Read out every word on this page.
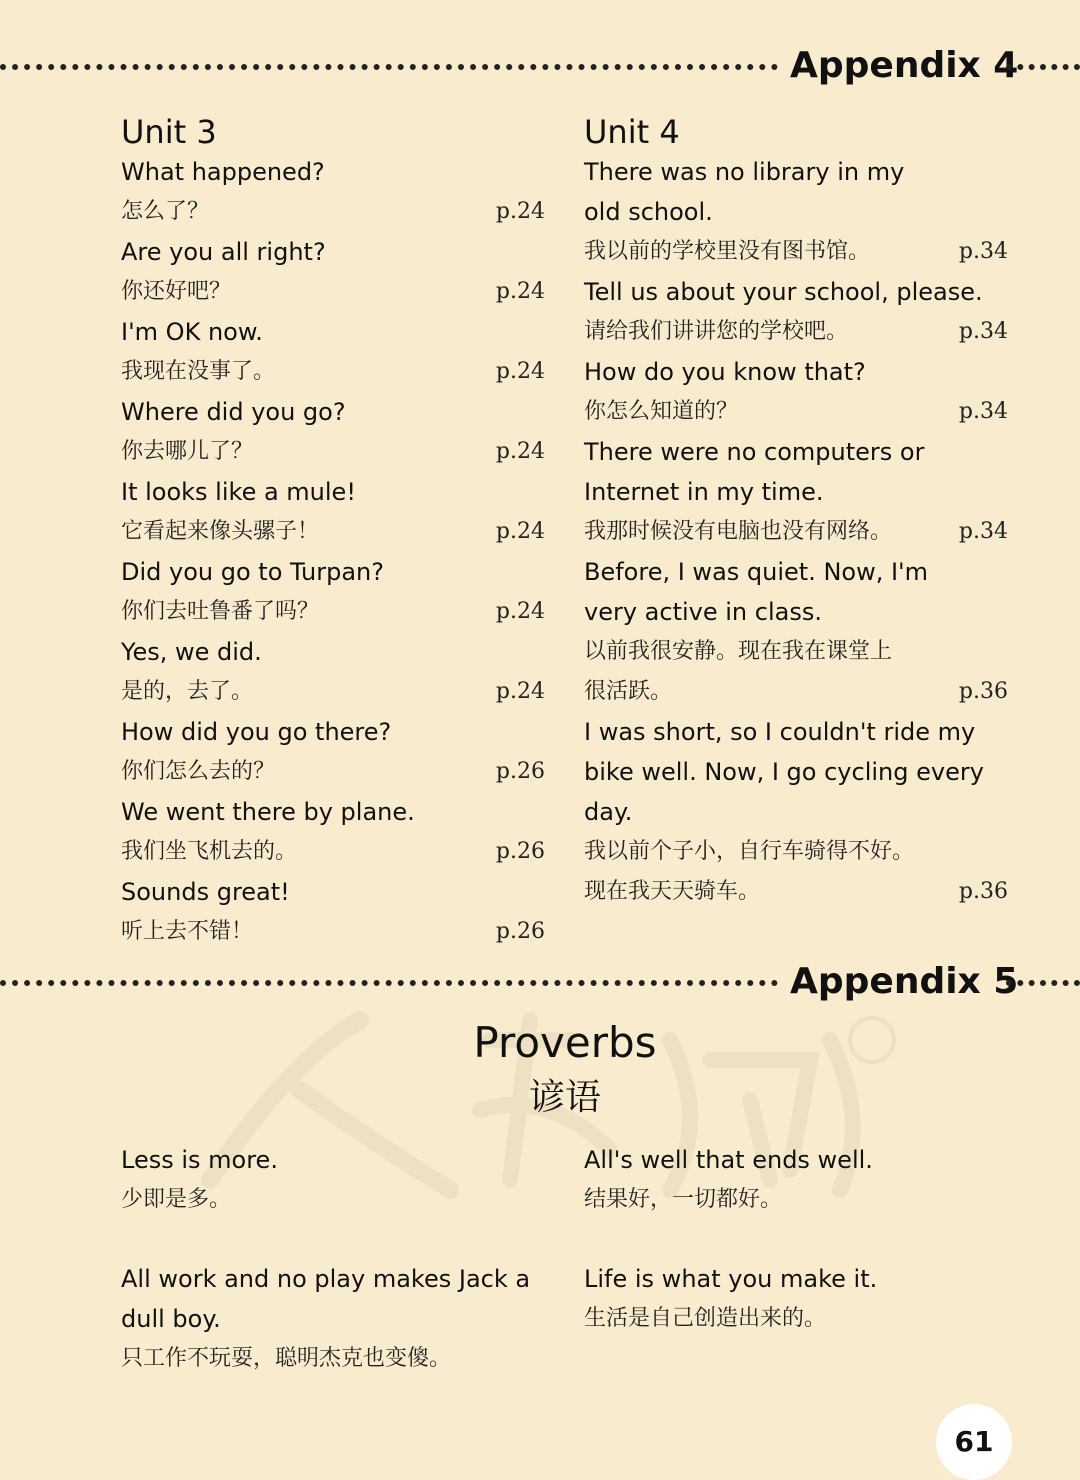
Appendix 4
Unit 3
What happened?
怎么了？	p.24
Are you all right?
你还好吧？	p.24
I'm OK now.
我现在没事了。	p.24
Where did you go?
你去哪儿了？	p.24
It looks like a mule!
它看起来像头骡子！	p.24
Did you go to Turpan?
你们去吐鲁番了吗？	p.24
Yes, we did.
是的，去了。	p.24
How did you go there?
你们怎么去的？	p.26
We went there by plane.
我们坐飞机去的。	p.26
Sounds great!
听上去不错！	p.26
Unit 4
There was no library in my
old school.
我以前的学校里没有图书馆。	p.34
Tell us about your school, please.
请给我们讲讲您的学校吧。	p.34
How do you know that?
你怎么知道的？	p.34
There were no computers or
Internet in my time.
我那时候没有电脑也没有网络。	p.34
Before, I was quiet. Now, I'm
very active in class.
以前我很安静。现在我在课堂上
很活跃。	p.36
I was short, so I couldn't ride my
bike well. Now, I go cycling every
day.
我以前个子小，自行车骑得不好。
现在我天天骑车。	p.36
Appendix 5
Proverbs
谚语
Less is more.
少即是多。
All's well that ends well.
结果好，一切都好。
All work and no play makes Jack a
dull boy.
只工作不玩耍，聪明杰克也变傻。
Life is what you make it.
生活是自己创造出来的。
61
